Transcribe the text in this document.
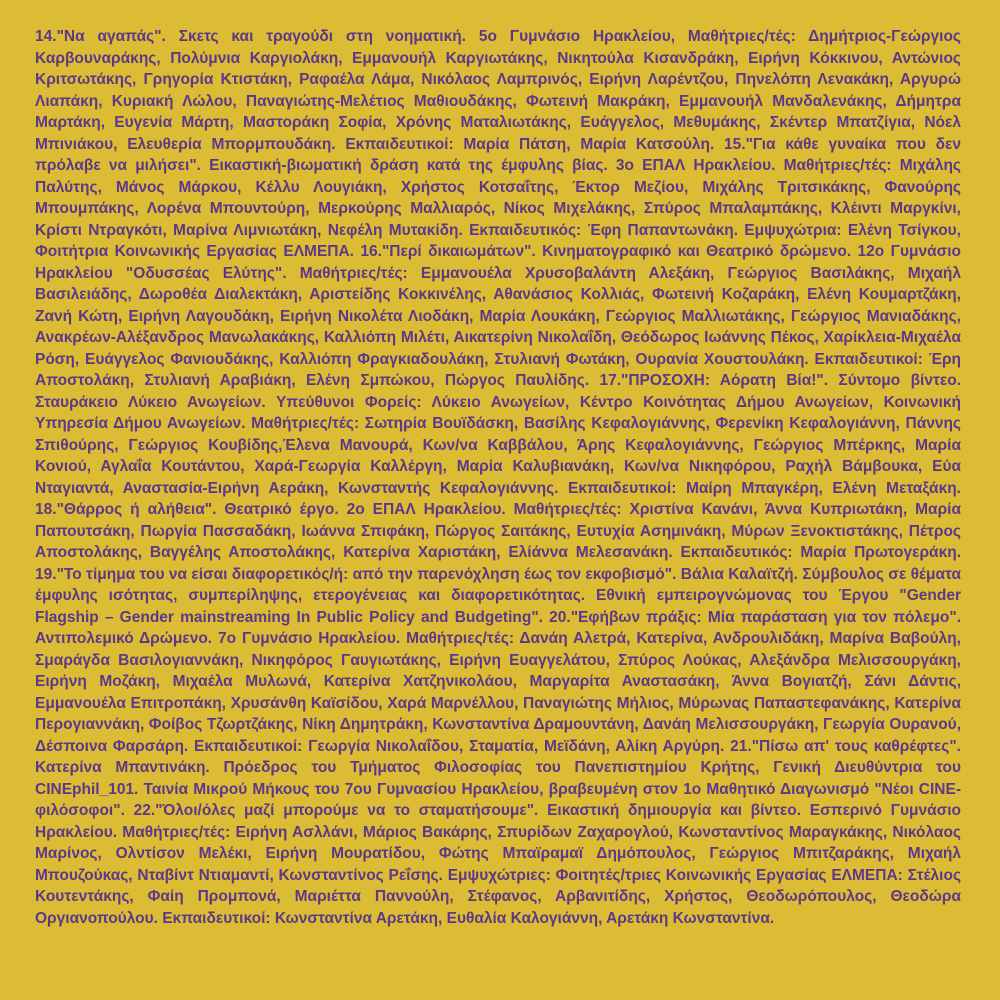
14."Να αγαπάς". Σκετς και τραγούδι στη νοηματική. 5ο Γυμνάσιο Ηρακλείου, Μαθήτριες/τές: Δημήτριος-Γεώργιος Καρβουναράκης, Πολύμνια Καργιολάκη, Εμμανουήλ Καργιωτάκης, Νικητούλα Κισανδράκη, Ειρήνη Κόκκινου, Αντώνιος Κριτσωτάκης, Γρηγορία Κτιστάκη, Ραφαέλα Λάμα, Νικόλαος Λαμπρινός, Ειρήνη Λαρέντζου, Πηνελόπη Λενακάκη, Αργυρώ Λιαπάκη, Κυριακή Λώλου, Παναγιώτης-Μελέτιος Μαθιουδάκης, Φωτεινή Μακράκη, Εμμανουήλ Μανδαλενάκης, Δήμητρα Μαρτάκη, Ευγενία Μάρτη, Μαστοράκη Σοφία, Χρόνης Ματαλιωτάκης, Ευάγγελος, Μεθυμάκης, Σκέντερ Μπατζίγια, Νόελ Μπινιάκου, Ελευθερία Μπορμπουδάκη. Εκπαιδευτικοί: Μαρία Πάτση, Μαρία Κατσούλη. 15."Για κάθε γυναίκα που δεν πρόλαβε να μιλήσει". Εικαστική-βιωματική δράση κατά της έμφυλης βίας. 3ο ΕΠΑΛ Ηρακλείου. Μαθήτριες/τές: Μιχάλης Παλύτης, Μάνος Μάρκου, Κέλλυ Λουγιάκη, Χρήστος Κοτσαΐτης, Έκτορ Μεζίου, Μιχάλης Τριτσικάκης, Φανούρης Μπουμπάκης, Λορένα Μπουντούρη, Μερκούρης Μαλλιαρός, Νίκος Μιχελάκης, Σπύρος Μπαλαμπάκης, Κλέιντι Μαργκίνι, Κρίστι Ντραγκότι, Μαρίνα Λιμνιωτάκη, Νεφέλη Μυτακίδη. Εκπαιδευτικός: Έφη Παπαντωνάκη. Εμψυχώτρια: Ελένη Τσίγκου, Φοιτήτρια Κοινωνικής Εργασίας ΕΛΜΕΠΑ. 16."Περί δικαιωμάτων". Κινηματογραφικό και Θεατρικό δρώμενο. 12ο Γυμνάσιο Ηρακλείου "Οδυσσέας Ελύτης". Μαθήτριες/τές: Εμμανουέλα Χρυσοβαλάντη Αλεξάκη, Γεώργιος Βασιλάκης, Μιχαήλ Βασιλειάδης, Δωροθέα Διαλεκτάκη, Αριστείδης Κοκκινέλης, Αθανάσιος Κολλιάς, Φωτεινή Κοζαράκη, Ελένη Κουμαρτζάκη, Ζανή Κώτη, Ειρήνη Λαγουδάκη, Ειρήνη Νικολέτα Λιοδάκη, Μαρία Λουκάκη, Γεώργιος Μαλλιωτάκης, Γεώργιος Μανιαδάκης, Ανακρέων-Αλέξανδρος Μανωλακάκης, Καλλιόπη Μιλέτι, Αικατερίνη Νικολαΐδη, Θεόδωρος Ιωάννης Πέκος, Χαρίκλεια-Μιχαέλα Ρόση, Ευάγγελος Φανιουδάκης, Καλλιόπη Φραγκιαδουλάκη, Στυλιανή Φωτάκη, Ουρανία Χουστουλάκη. Εκπαιδευτικοί: Έρη Αποστολάκη, Στυλιανή Αραβιάκη, Ελένη Σμπώκου, Πώργος Παυλίδης. 17."ΠΡΟΣΟΧΗ: Αόρατη Βία!". Σύντομο βίντεο. Σταυράκειο Λύκειο Ανωγείων. Υπεύθυνοι Φορείς: Λύκειο Ανωγείων, Κέντρο Κοινότητας Δήμου Ανωγείων, Κοινωνική Υπηρεσία Δήμου Ανωγείων. Μαθήτριες/τές: Σωτηρία Βουϊδάσκη, Βασίλης Κεφαλογιάννης, Φερενίκη Κεφαλογιάννη, Πάννης Σπιθούρης, Γεώργιος Κουβίδης,Έλενα Μανουρά, Κων/να Καββάλου, Άρης Κεφαλογιάννης, Γεώργιος Μπέρκης, Μαρία Κονιού, Αγλαΐα Κουτάντου, Χαρά-Γεωργία Καλλέργη, Μαρία Καλυβιανάκη, Κων/να Νικηφόρου, Ραχήλ Βάμβουκα, Εύα Νταγιαντά, Αναστασία-Ειρήνη Αεράκη, Κωνσταντής Κεφαλογιάννης. Εκπαιδευτικοί: Μαίρη Μπαγκέρη, Ελένη Μεταξάκη. 18."Θάρρος ή αλήθεια". Θεατρικό έργο. 2ο ΕΠΑΛ Ηρακλείου. Μαθήτριες/τές: Χριστίνα Κανάνι, Άννα Κυπριωτάκη, Μαρία Παπουτσάκη, Πωργία Πασσαδάκη, Ιωάννα Σπιφάκη, Πώργος Σαιτάκης, Ευτυχία Ασημινάκη, Μύρων Ξενοκτιστάκης, Πέτρος Αποστολάκης, Βαγγέλης Αποστολάκης, Κατερίνα Χαριστάκη, Ελίάννα Μελεσανάκη. Εκπαιδευτικός: Μαρία Πρωτογεράκη. 19."Το τίμημα του να είσαι διαφορετικός/ή: από την παρενόχληση έως τον εκφοβισμό". Βάλια Καλαϊτζή. Σύμβουλος σε θέματα έμφυλης ισότητας, συμπερίληψης, ετερογένειας και διαφορετικότητας. Εθνική εμπειρογνώμονας του Έργου "Gender Flagship – Gender mainstreaming In Public Policy and Budgeting". 20."Εφήβων πράξις: Μία παράσταση για τον πόλεμο". Αντιπολεμικό Δρώμενο. 7ο Γυμνάσιο Ηρακλείου. Μαθήτριες/τές: Δανάη Αλετρά, Κατερίνα, Ανδρουλιδάκη, Μαρίνα Βαβούλη, Σμαράγδα Βασιλογιαννάκη, Νικηφόρος Γαυγιωτάκης, Ειρήνη Ευαγγελάτου, Σπύρος Λούκας, Αλεξάνδρα Μελισσουργάκη, Ειρήνη Μοζάκη, Μιχαέλα Μυλωνά, Κατερίνα Χατζηνικολάου, Μαργαρίτα Αναστασάκη, Άννα Βογιατζή, Σάνι Δάντις, Εμμανουέλα Επιτροπάκη, Χρυσάνθη Καϊσίδου, Χαρά Μαρνέλλου, Παναγιώτης Μήλιος, Μύρωνας Παπαστεφανάκης, Κατερίνα Περογιαννάκη, Φοίβος Τζωρτζάκης, Νίκη Δημητράκη, Κωνσταντίνα Δραμουντάνη, Δανάη Μελισσουργάκη, Γεωργία Ουρανού, Δέσποινα Φαρσάρη. Εκπαιδευτικοί: Γεωργία Νικολαΐδου, Σταματία, Μεϊδάνη, Αλίκη Αργύρη. 21."Πίσω απ' τους καθρέφτες". Κατερίνα Μπαντινάκη. Πρόεδρος του Τμήματος Φιλοσοφίας του Πανεπιστημίου Κρήτης, Γενική Διευθύντρια του CINEphil_101. Ταινία Μικρού Μήκους του 7ου Γυμνασίου Ηρακλείου, βραβευμένη στον 1ο Μαθητικό Διαγωνισμό "Νέοι CINE-φιλόσοφοι". 22."Όλοι/όλες μαζί μπορούμε να το σταματήσουμε". Εικαστική δημιουργία και βίντεο. Εσπερινό Γυμνάσιο Ηρακλείου. Μαθήτριες/τές: Ειρήνη Ασλλάνι, Μάριος Βακάρης, Σπυρίδων Ζαχαρογλού, Κωνσταντίνος Μαραγκάκης, Νικόλαος Μαρίνος, Ολντίσον Μελέκι, Ειρήνη Μουρατίδου, Φώτης Μπαϊραμαϊ Δημόπουλος, Γεώργιος Μπιτζαράκης, Μιχαήλ Μπουζούκας, Νταβίντ Ντιαμαντί, Κωνσταντίνος Ρεΐσης. Εμψυχώτριες: Φοιτητές/τριες Κοινωνικής Εργασίας ΕΛΜΕΠΑ: Στέλιος Κουτεντάκης, Φαίη Προμπονά, Μαριέττα Παννούλη, Στέφανος, Αρβανιτίδης, Χρήστος, Θεοδωρόπουλος, Θεοδώρα Οργιανοπούλου. Εκπαιδευτικοί: Κωνσταντίνα Αρετάκη, Ευθαλία Καλογιάννη, Αρετάκη Κωνσταντίνα.
